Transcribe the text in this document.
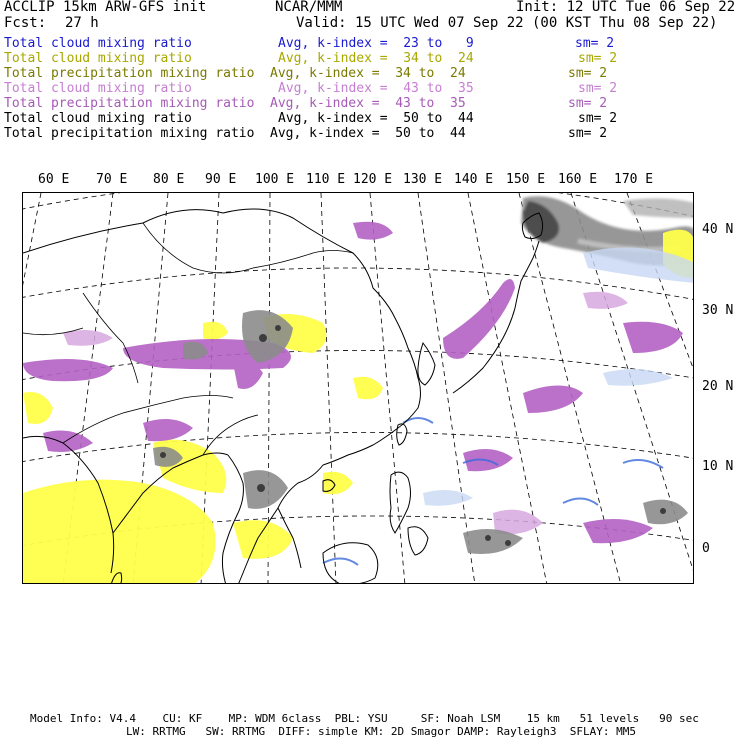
ACCLIP 15km ARW-GFS init	NCAR/MMM	Init: 12 UTC Tue 06 Sep 22
Fcst: 27 h	Valid: 15 UTC Wed 07 Sep 22 (00 KST Thu 08 Sep 22)
Total cloud mixing ratio	Avg, k-index =  23 to   9	sm= 2
Total cloud mixing ratio	Avg, k-index =  34 to  24	sm= 2
Total precipitation mixing ratio Avg, k-index =  34 to  24	sm= 2
Total cloud mixing ratio	Avg, k-index =  43 to  35	sm= 2
Total precipitation mixing ratio Avg, k-index =  43 to  35	sm= 2
Total cloud mixing ratio	Avg, k-index =  50 to  44	sm= 2
Total precipitation mixing ratio Avg, k-index =  50 to  44	sm= 2
60 E 70 E 80 E 90 E 100 E 110 E 120 E 130 E 140 E 150 E 160 E 170 E
40 N
30 N
20 N
10 N
0
Model Info: V4.4    CU: KF    MP: WDM 6class  PBL: YSU     SF: Noah LSM    15 km   51 levels   90 sec
LW: RRTMG   SW: RRTMG  DIFF: simple KM: 2D Smagor DAMP: Rayleigh3  SFLAY: MM5
